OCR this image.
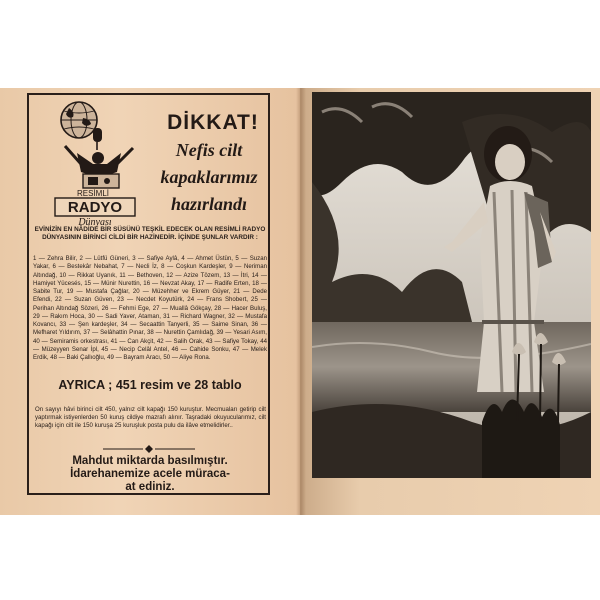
RESİMLİ
RADYO
Dünyası
DİKKAT!
Nefis cilt
kapaklarımız
hazırlandı
EVİNİZİN EN NÂDİDE BİR SÜSÜNÜ TEŞKİL EDECEK OLAN RESİMLİ RADYO DÜNYASININ BİRİNCİ CİLDİ BİR HAZİNEDİR. İÇİNDE ŞUNLAR VARDIR :
1 — Zehra Bilir, 2 — Lütfü Güneri, 3 — Safiye Aylâ, 4 — Ahmet Üstün, 5 — Suzan Yakar, 6 — Bestekâr Nebahat, 7 — Necli İz, 8 — Coşkun Kardeşler, 9 — Neriman Altındağ, 10 — Rikkat Uyanık, 11 — Bethoven, 12 — Azize Tözem, 13 — İtri, 14 — Hamiyet Yücesés, 15 — Münir Nurettin, 16 — Nevzat Akay, 17 — Radife Erten, 18 — Sabite Tur, 19 — Mustafa Çağlar, 20 — Müzehher ve Ekrem Güyer, 21 — Dede Efendi, 22 — Suzan Güven, 23 — Necdet Koyutürk, 24 — Frans Shobert, 25 — Perihan Altındağ Sözeri, 26 — Fehmi Ege, 27 — Muallâ Gökçay, 28 — Hacer Buluş, 29 — Rakım Hoca, 30 — Sadi Yaver, Ataman, 31 — Richard Wagner, 32 — Mustafa Kovancı, 33 — Şen kardeşler, 34 — Secaattin Tanyerli, 35 — Saime Sinan, 36 — Mefharet Yıldırım, 37 — Selâhattin Pınar, 38 — Nurettin Çamlıdağ, 39 — Yesari Asım, 40 — Semiramis orkestrası, 41 — Can Akçit, 42 — Salih Orak, 43 — Safiye Tokay, 44 — Müzeyyen Senar İpl, 45 — Necip Celâl Antel, 46 — Cahide Sonku, 47 — Melek Erdik, 48 — Baki Çallıoğlu, 49 — Bayram Aracı, 50 — Aliye Rona.
AYRICA ; 451 resim ve 28 tablo
On sayıyı hâvi birinci cilt 450, yalnız cilt kapağı 150 kuruştur. Mecmuaları getirip cilt yaptırmak istiyenlerden 50 kuruş cildiye mazrafı alınır. Taşradaki okuyucularımız, cilt kapağı için cilt ile 150 kuruşa 25 kuruşluk posta pulu da ilâve etmelidirler..
Mahdut miktarda basılmıştır.
İdarehanemize acele müraca-
at ediniz.
